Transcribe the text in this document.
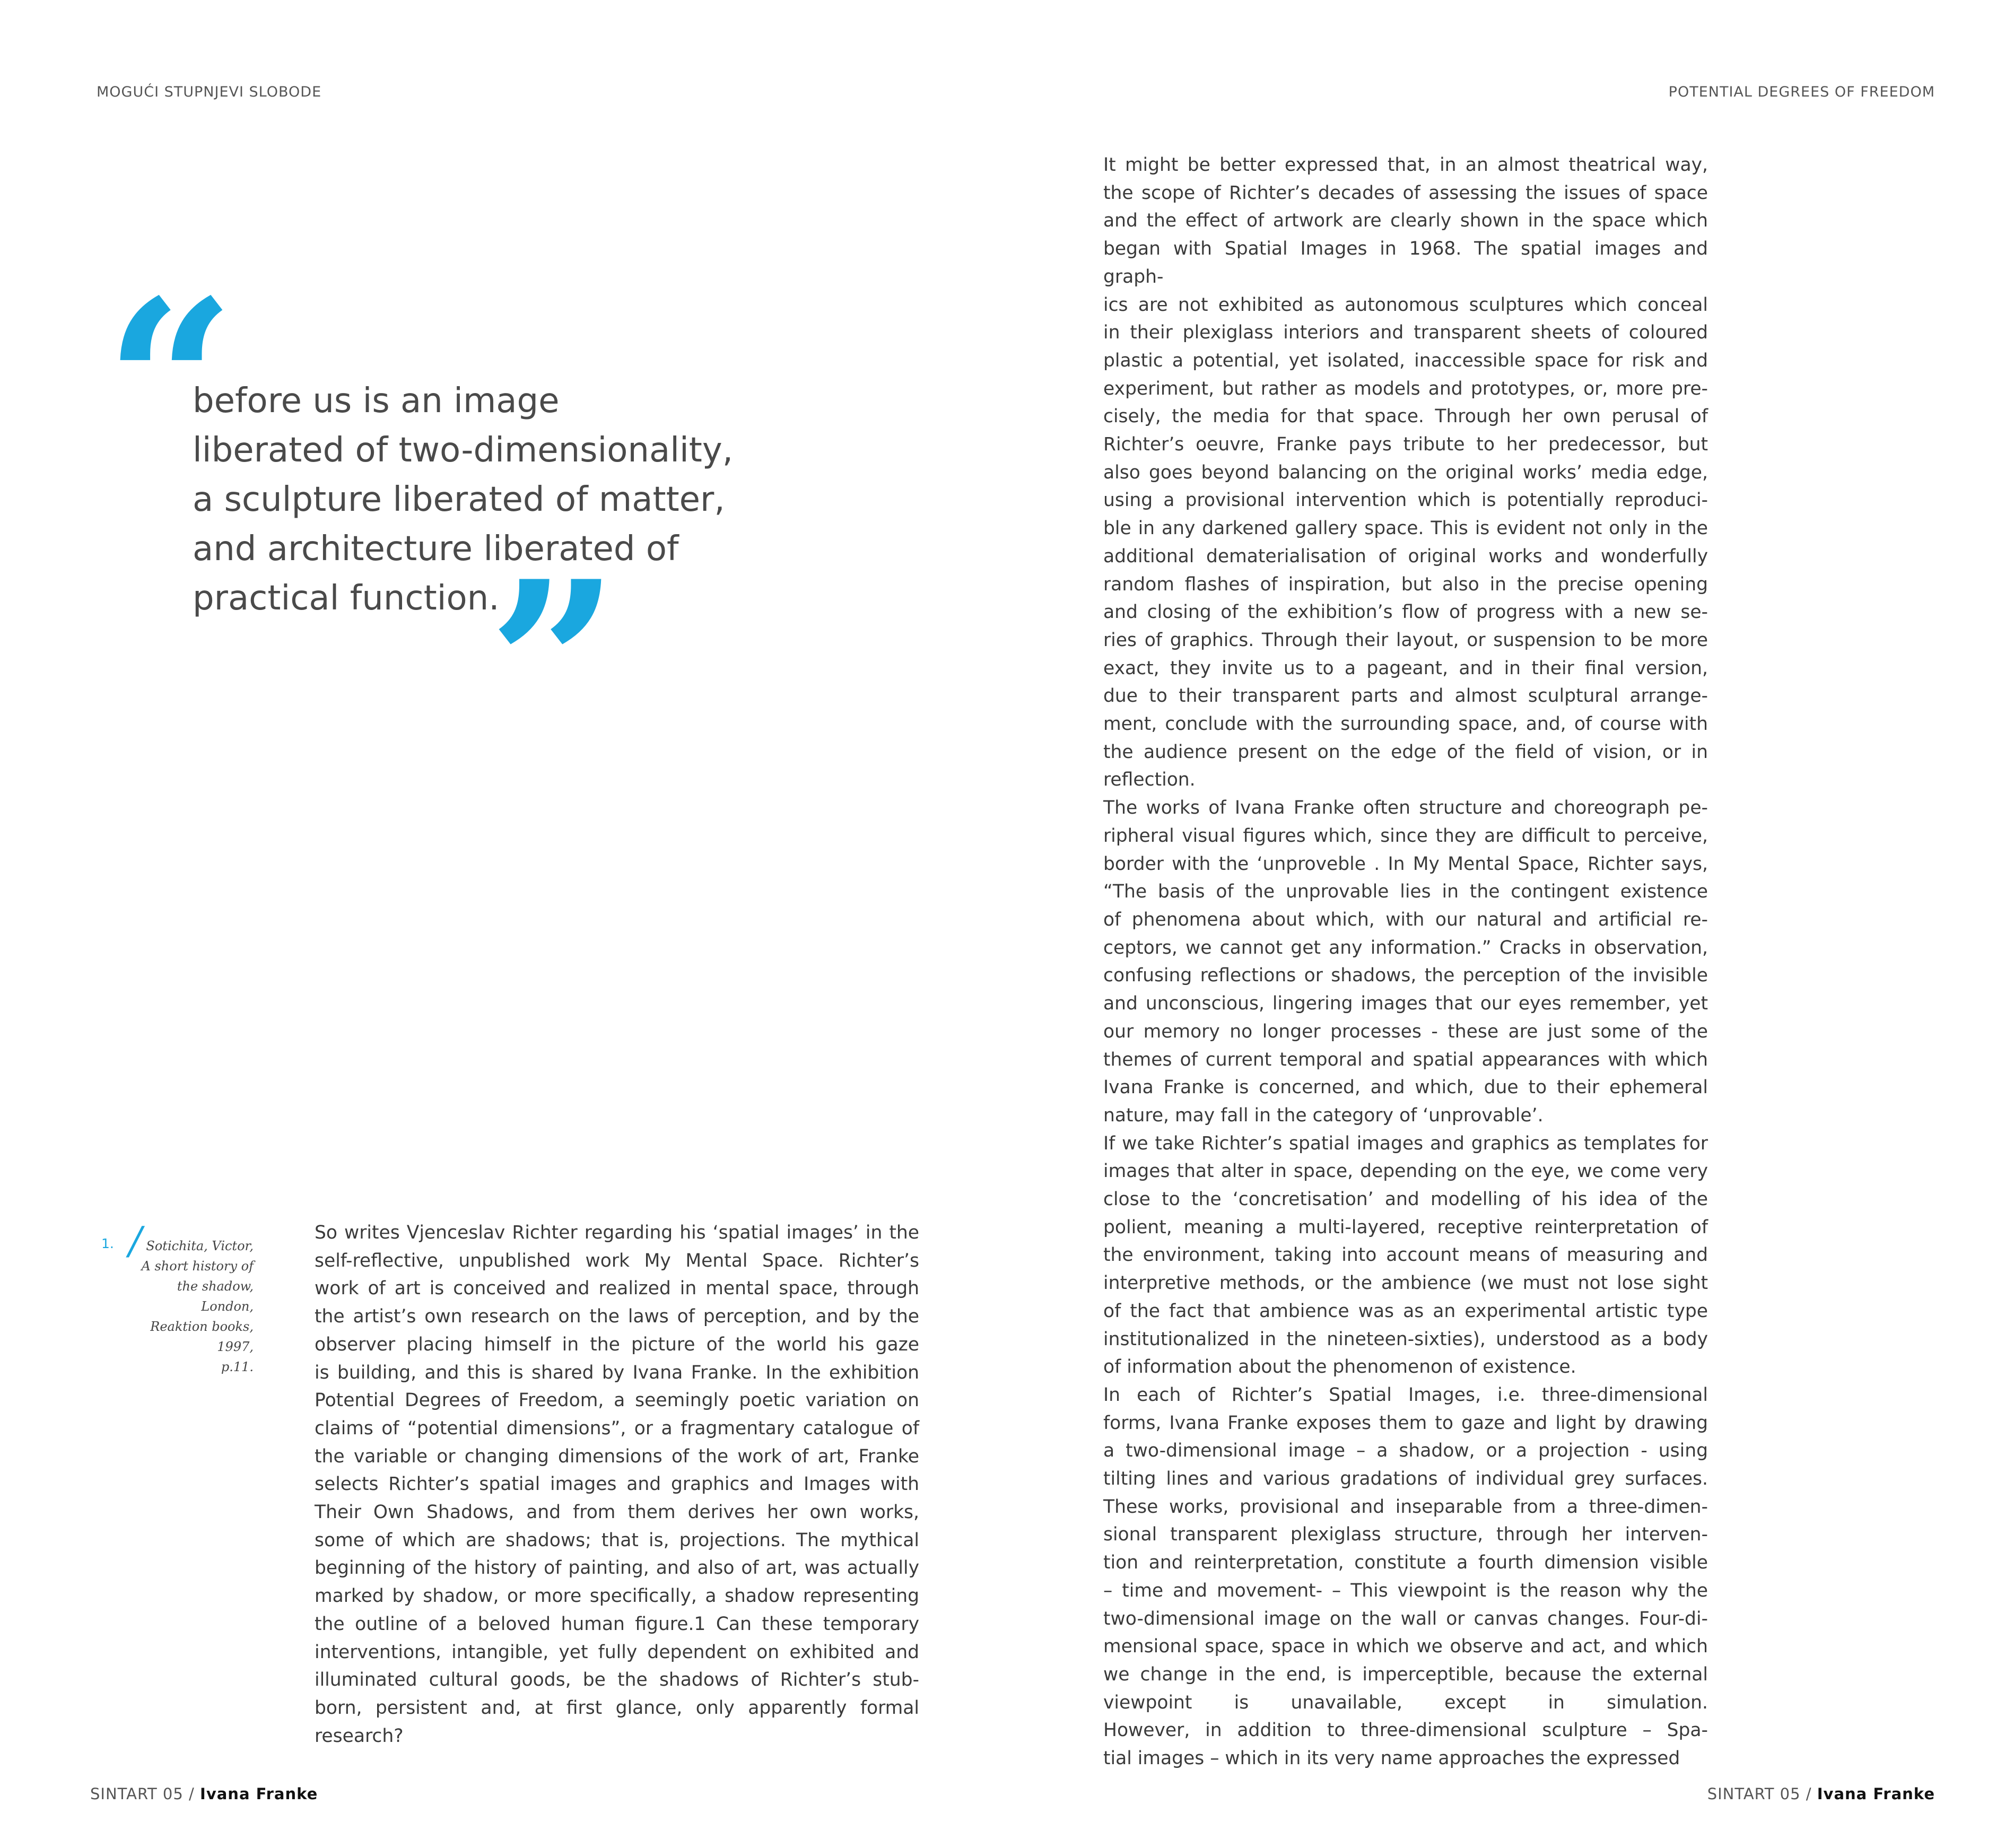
MOGUĆI STUPNJEVI SLOBODE	POTENTIAL DEGREES OF FREEDOM
“
before us is an image
liberated of two-dimensionality,
a sculpture liberated of matter,
and architecture liberated of
practical function.
”
1. / Sotichita, Victor,
A short history of
the shadow, London,
Reaktion books, 1997,
p.11.
So writes Vjenceslav Richter regarding his ‘spatial images’ in the
self-reflective, unpublished work My Mental Space. Richter’s
work of art is conceived and realized in mental space, through
the artist’s own research on the laws of perception, and by the
observer placing himself in the picture of the world his gaze
is building, and this is shared by Ivana Franke. In the exhibition
Potential Degrees of Freedom, a seemingly poetic variation on
claims of “potential dimensions”, or a fragmentary catalogue of
the variable or changing dimensions of the work of art, Franke
selects Richter’s spatial images and graphics and Images with
Their Own Shadows, and from them derives her own works,
some of which are shadows; that is, projections. The mythical
beginning of the history of painting, and also of art, was actually
marked by shadow, or more specifically, a shadow representing
the outline of a beloved human figure.1 Can these temporary
interventions, intangible, yet fully dependent on exhibited and
illuminated cultural goods, be the shadows of Richter’s stub-
born, persistent and, at first glance, only apparently formal
research?
It might be better expressed that, in an almost theatrical way,
the scope of Richter’s decades of assessing the issues of space
and the effect of artwork are clearly shown in the space which
began with Spatial Images in 1968. The spatial images and graph-
ics are not exhibited as autonomous sculptures which conceal
in their plexiglass interiors and transparent sheets of coloured
plastic a potential, yet isolated, inaccessible space for risk and
experiment, but rather as models and prototypes, or, more pre-
cisely, the media for that space. Through her own perusal of
Richter’s oeuvre, Franke pays tribute to her predecessor, but
also goes beyond balancing on the original works’ media edge,
using a provisional intervention which is potentially reproduci-
ble in any darkened gallery space. This is evident not only in the
additional dematerialisation of original works and wonderfully
random flashes of inspiration, but also in the precise opening
and closing of the exhibition’s flow of progress with a new se-
ries of graphics. Through their layout, or suspension to be more
exact, they invite us to a pageant, and in their final version,
due to their transparent parts and almost sculptural arrange-
ment, conclude with the surrounding space, and, of course with
the audience present on the edge of the field of vision, or in
reflection.
The works of Ivana Franke often structure and choreograph pe-
ripheral visual figures which, since they are difficult to perceive,
border with the ‘unproveble . In My Mental Space, Richter says,
“The basis of the unprovable lies in the contingent existence
of phenomena about which, with our natural and artificial re-
ceptors, we cannot get any information.” Cracks in observation,
confusing reflections or shadows, the perception of the invisible
and unconscious, lingering images that our eyes remember, yet
our memory no longer processes - these are just some of the
themes of current temporal and spatial appearances with which
Ivana Franke is concerned, and which, due to their ephemeral
nature, may fall in the category of ‘unprovable’.
If we take Richter’s spatial images and graphics as templates for
images that alter in space, depending on the eye, we come very
close to the ‘concretisation’ and modelling of his idea of the
polient, meaning a multi-layered, receptive reinterpretation of
the environment, taking into account means of measuring and
interpretive methods, or the ambience (we must not lose sight
of the fact that ambience was as an experimental artistic type
institutionalized in the nineteen-sixties), understood as a body
of information about the phenomenon of existence.
In each of Richter’s Spatial Images, i.e. three-dimensional
forms, Ivana Franke exposes them to gaze and light by drawing
a two-dimensional image – a shadow, or a projection - using
tilting lines and various gradations of individual grey surfaces.
These works, provisional and inseparable from a three-dimen-
sional transparent plexiglass structure, through her interven-
tion and reinterpretation, constitute a fourth dimension visible
– time and movement- – This viewpoint is the reason why the
two-dimensional image on the wall or canvas changes. Four-di-
mensional space, space in which we observe and act, and which
we change in the end, is imperceptible, because the external
viewpoint is unavailable, except in simulation.
However, in addition to three-dimensional sculpture – Spa-
tial images – which in its very name approaches the expressed
SINTART 05 / Ivana Franke	SINTART 05 / Ivana Franke
